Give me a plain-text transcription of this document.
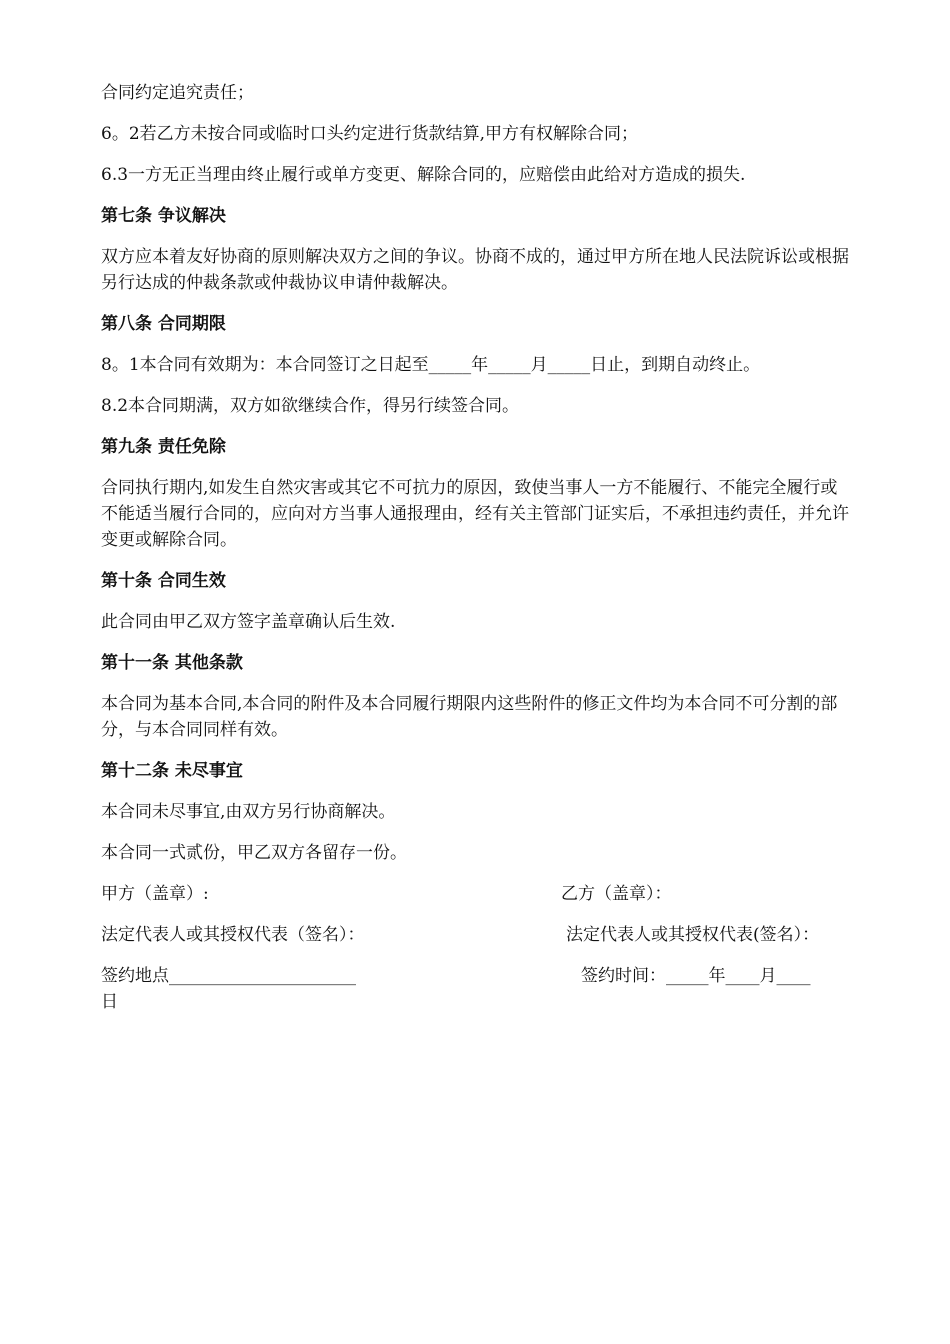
合同约定追究责任；

6。2若乙方未按合同或临时口头约定进行货款结算,甲方有权解除合同；

6.3一方无正当理由终止履行或单方变更、解除合同的，应赔偿由此给对方造成的损失.

第七条 争议解决

双方应本着友好协商的原则解决双方之间的争议。协商不成的，通过甲方所在地人民法院诉讼或根据另行达成的仲裁条款或仲裁协议申请仲裁解决。

第八条 合同期限

8。1本合同有效期为：本合同签订之日起至_____年_____月_____日止，到期自动终止。

8.2本合同期满，双方如欲继续合作，得另行续签合同。

第九条 责任免除

合同执行期内,如发生自然灾害或其它不可抗力的原因，致使当事人一方不能履行、不能完全履行或不能适当履行合同的，应向对方当事人通报理由，经有关主管部门证实后，不承担违约责任，并允许变更或解除合同。

第十条 合同生效

此合同由甲乙双方签字盖章确认后生效.

第十一条 其他条款

本合同为基本合同,本合同的附件及本合同履行期限内这些附件的修正文件均为本合同不可分割的部分，与本合同同样有效。

第十二条 未尽事宜

本合同未尽事宜,由双方另行协商解决。

本合同一式贰份，甲乙双方各留存一份。

甲方（盖章）:	乙方（盖章）：
法定代表人或其授权代表（签名）：	法定代表人或其授权代表(签名）：
签约地点______________________	签约时间：_____年____月____

日
